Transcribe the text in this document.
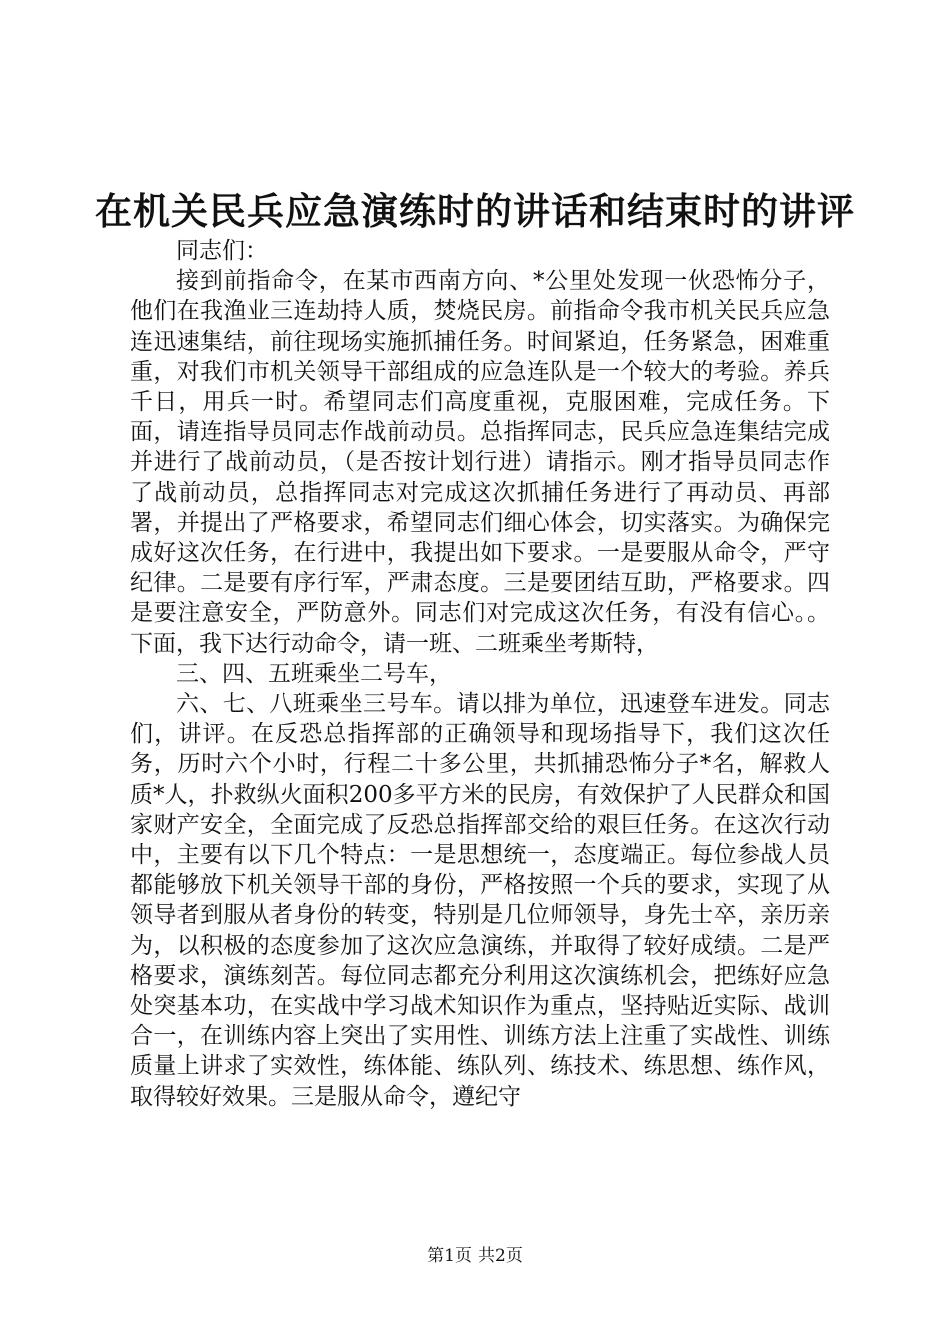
在机关民兵应急演练时的讲话和结束时的讲评

同志们：

接到前指命令，在某市西南方向、*公里处发现一伙恐怖分子，他们在我渔业三连劫持人质，焚烧民房。前指命令我市机关民兵应急连迅速集结，前往现场实施抓捕任务。时间紧迫，任务紧急，困难重重，对我们市机关领导干部组成的应急连队是一个较大的考验。养兵千日，用兵一时。希望同志们高度重视，克服困难，完成任务。下面，请连指导员同志作战前动员。总指挥同志，民兵应急连集结完成并进行了战前动员，（是否按计划行进）请指示。刚才指导员同志作了战前动员，总指挥同志对完成这次抓捕任务进行了再动员、再部署，并提出了严格要求，希望同志们细心体会，切实落实。为确保完成好这次任务，在行进中，我提出如下要求。一是要服从命令，严守纪律。二是要有序行军，严肃态度。三是要团结互助，严格要求。四是要注意安全，严防意外。同志们对完成这次任务，有没有信心。。下面，我下达行动命令，请一班、二班乘坐考斯特，

三、四、五班乘坐二号车，

六、七、八班乘坐三号车。请以排为单位，迅速登车进发。同志们，讲评。在反恐总指挥部的正确领导和现场指导下，我们这次任务，历时六个小时，行程二十多公里，共抓捕恐怖分子*名，解救人质*人，扑救纵火面积200多平方米的民房，有效保护了人民群众和国家财产安全，全面完成了反恐总指挥部交给的艰巨任务。在这次行动中，主要有以下几个特点：一是思想统一，态度端正。每位参战人员都能够放下机关领导干部的身份，严格按照一个兵的要求，实现了从领导者到服从者身份的转变，特别是几位师领导，身先士卒，亲历亲为，以积极的态度参加了这次应急演练，并取得了较好成绩。二是严格要求，演练刻苦。每位同志都充分利用这次演练机会，把练好应急处突基本功，在实战中学习战术知识作为重点，坚持贴近实际、战训合一，在训练内容上突出了实用性、训练方法上注重了实战性、训练质量上讲求了实效性，练体能、练队列、练技术、练思想、练作风，取得较好效果。三是服从命令，遵纪守

第1页 共2页
